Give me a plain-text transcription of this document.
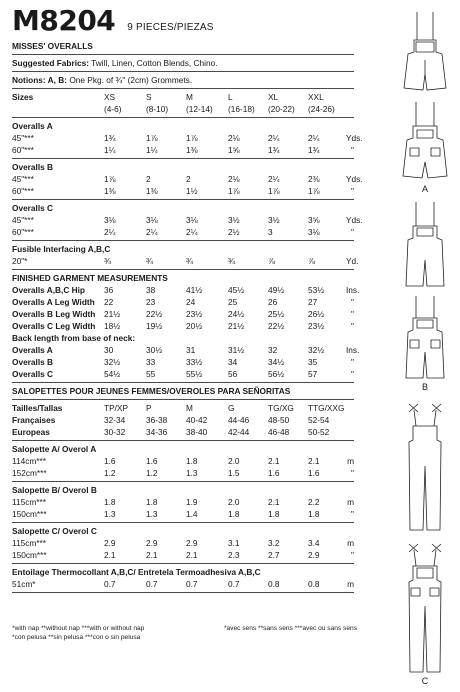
M8204 9 PIECES/PIEZAS
MISSES' OVERALLS
Suggested Fabrics: Twill, Linen, Cotton Blends, Chino.
Notions: A, B: One Pkg. of ¾" (2cm) Grommets.
Sizes	XS	S	M	L	XL	XXL
(4-6)	(8-10)	(12-14)	(16-18)	(20-22)	(24-26)
Overalls A
45"***	1¾	1⅞	1⅞	2⅛	2¼	2¼	Yds.
60"***	1¼	1¼	1⅜	1⅝	1¾	1¾	"
Overalls B
45"***	1⅞	2	2	2⅛	2¼	2⅜	Yds.
60"***	1⅜	1⅜	1½	1⅞	1⅞	1⅞	"
Overalls C
45"***	3⅛	3⅛	3⅛	3½	3½	3⅝	Yds.
60"***	2¼	2¼	2¼	2½	3	3⅛	"
Fusible Interfacing A,B,C
20"*	¾	¾	¾	¾	⅞	⅞	Yd.
FINISHED GARMENT MEASUREMENTS
Overalls A,B,C Hip	36	38	41½	45½	49½	53½	Ins.
Overalls A Leg Width	22	23	24	25	26	27	"
Overalls B Leg Width	21½	22½	23½	24½	25½	26½	"
Overalls C Leg Width	18½	19½	20½	21½	22½	23½	"
Back length from base of neck:
Overalls A	30	30½	31	31½	32	32½	Ins.
Overalls B	32½	33	33½	34	34½	35	"
Overalls C	54½	55	55½	56	56½	57	"
SALOPETTES POUR JEUNES FEMMES/OVEROLES PARA SEÑORITAS
Tailles/Tallas	TP/XP	P	M	G	TG/XG	TTG/XXG
Françaises	32-34	36-38	40-42	44-46	48-50	52-54
Europeas	30-32	34-36	38-40	42-44	46-48	50-52
Salopette A/ Overol A
114cm***	1.6	1.6	1.8	2.0	2.1	2.1	m
152cm***	1.2	1.2	1.3	1.5	1.6	1.6	"
Salopette B/ Overol B
115cm***	1.8	1.8	1.9	2.0	2.1	2.2	m
150cm***	1.3	1.3	1.4	1.8	1.8	1.8	"
Salopette C/ Overol C
115cm***	2.9	2.9	2.9	3.1	3.2	3.4	m
150cm***	2.1	2.1	2.1	2.3	2.7	2.9	"
Entoilage Thermocollant A,B,C/ Entretela Termoadhesiva A,B,C
51cm*	0.7	0.7	0.7	0.7	0.8	0.8	m
*with nap **without nap ***with or without nap
*con pelusa **sin pelusa ***con o sin pelusa
*avec sens **sans sens ***avec ou sans sens
A
B
C
